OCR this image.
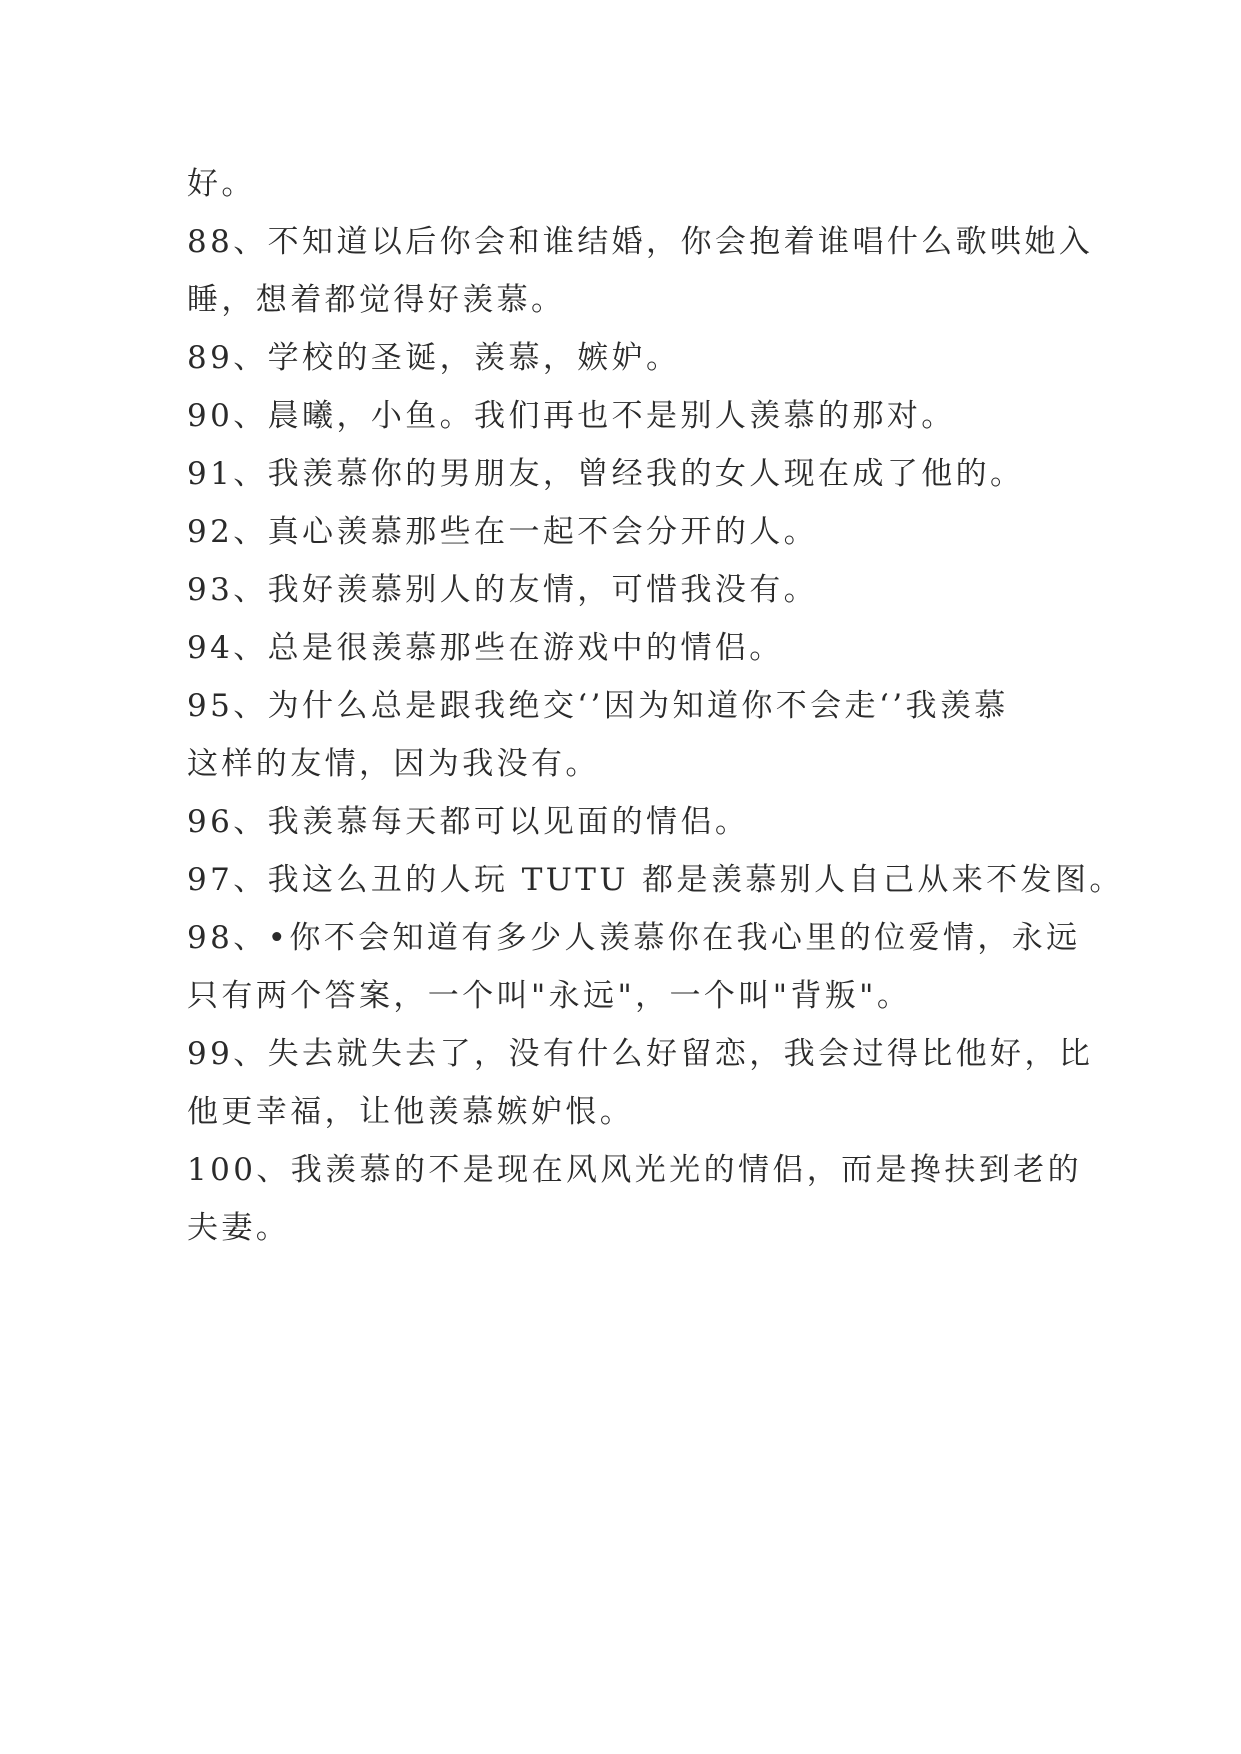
好。
88、不知道以后你会和谁结婚，你会抱着谁唱什么歌哄她入
睡，想着都觉得好羡慕。
89、学校的圣诞，羡慕，嫉妒。
90、晨曦，小鱼。我们再也不是别人羡慕的那对。
91、我羡慕你的男朋友，曾经我的女人现在成了他的。
92、真心羡慕那些在一起不会分开的人。
93、我好羡慕别人的友情，可惜我没有。
94、总是很羡慕那些在游戏中的情侣。
95、为什么总是跟我绝交‘’因为知道你不会走‘’我羡慕
这样的友情，因为我没有。
96、我羡慕每天都可以见面的情侣。
97、我这么丑的人玩 TUTU 都是羡慕别人自己从来不发图。
98、•你不会知道有多少人羡慕你在我心里的位爱情，永远
只有两个答案，一个叫"永远"，一个叫"背叛"。
99、失去就失去了，没有什么好留恋，我会过得比他好，比
他更幸福，让他羡慕嫉妒恨。
100、我羡慕的不是现在风风光光的情侣，而是搀扶到老的
夫妻。
